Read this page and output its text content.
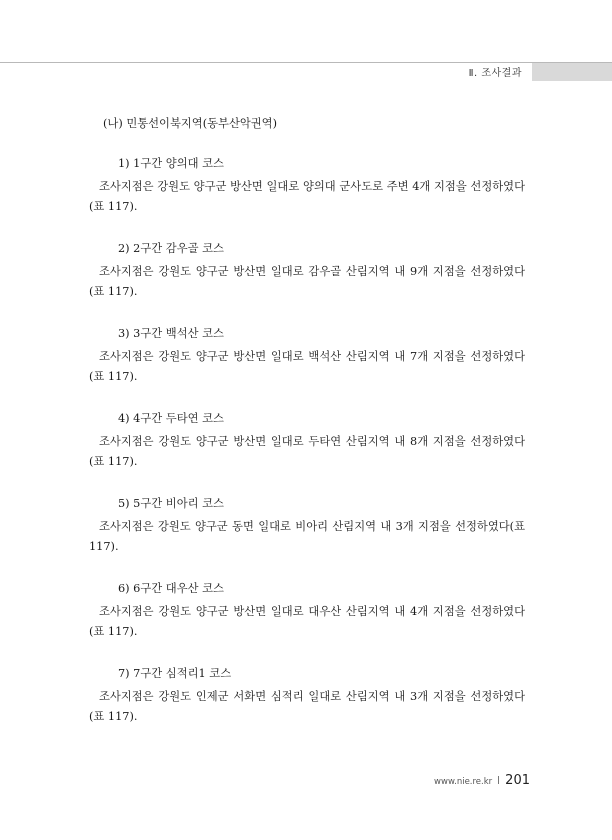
Ⅱ. 조사결과

(나) 민통선이북지역(동부산악권역)

1) 1구간 양의대 코스

조사지점은 강원도 양구군 방산면 일대로 양의대 군사도로 주변 4개 지점을 선정하였다(표 117).

2) 2구간 감우골 코스

조사지점은 강원도 양구군 방산면 일대로 감우골 산림지역 내 9개 지점을 선정하였다(표 117).

3) 3구간 백석산 코스

조사지점은 강원도 양구군 방산면 일대로 백석산 산림지역 내 7개 지점을 선정하였다(표 117).

4) 4구간 두타연 코스

조사지점은 강원도 양구군 방산면 일대로 두타연 산림지역 내 8개 지점을 선정하였다(표 117).

5) 5구간 비아리 코스

조사지점은 강원도 양구군 동면 일대로 비아리 산림지역 내 3개 지점을 선정하였다(표 117).

6) 6구간 대우산 코스

조사지점은 강원도 양구군 방산면 일대로 대우산 산림지역 내 4개 지점을 선정하였다(표 117).

7) 7구간 심적리1 코스

조사지점은 강원도 인제군 서화면 심적리 일대로 산림지역 내 3개 지점을 선정하였다(표 117).

www.nie.re.kr 201
